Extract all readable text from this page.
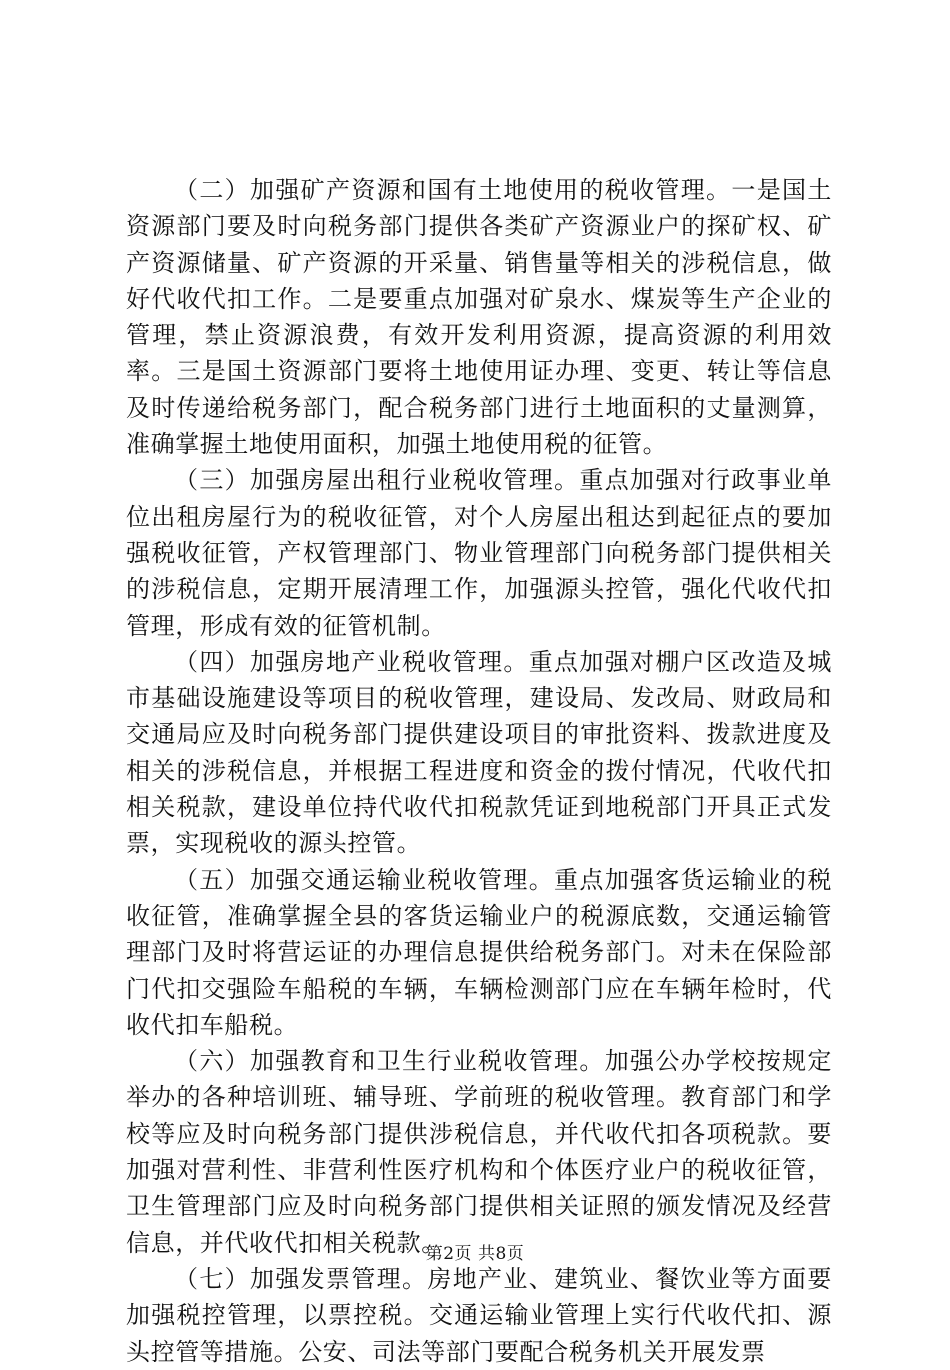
（二）加强矿产资源和国有土地使用的税收管理。一是国土资源部门要及时向税务部门提供各类矿产资源业户的探矿权、矿产资源储量、矿产资源的开采量、销售量等相关的涉税信息，做好代收代扣工作。二是要重点加强对矿泉水、煤炭等生产企业的管理，禁止资源浪费，有效开发利用资源，提高资源的利用效率。三是国土资源部门要将土地使用证办理、变更、转让等信息及时传递给税务部门，配合税务部门进行土地面积的丈量测算，准确掌握土地使用面积，加强土地使用税的征管。

（三）加强房屋出租行业税收管理。重点加强对行政事业单位出租房屋行为的税收征管，对个人房屋出租达到起征点的要加强税收征管，产权管理部门、物业管理部门向税务部门提供相关的涉税信息，定期开展清理工作，加强源头控管，强化代收代扣管理，形成有效的征管机制。

（四）加强房地产业税收管理。重点加强对棚户区改造及城市基础设施建设等项目的税收管理，建设局、发改局、财政局和交通局应及时向税务部门提供建设项目的审批资料、拨款进度及相关的涉税信息，并根据工程进度和资金的拨付情况，代收代扣相关税款，建设单位持代收代扣税款凭证到地税部门开具正式发票，实现税收的源头控管。

（五）加强交通运输业税收管理。重点加强客货运输业的税收征管，准确掌握全县的客货运输业户的税源底数，交通运输管理部门及时将营运证的办理信息提供给税务部门。对未在保险部门代扣交强险车船税的车辆，车辆检测部门应在车辆年检时，代收代扣车船税。

（六）加强教育和卫生行业税收管理。加强公办学校按规定举办的各种培训班、辅导班、学前班的税收管理。教育部门和学校等应及时向税务部门提供涉税信息，并代收代扣各项税款。要加强对营利性、非营利性医疗机构和个体医疗业户的税收征管，卫生管理部门应及时向税务部门提供相关证照的颁发情况及经营信息，并代收代扣相关税款。

（七）加强发票管理。房地产业、建筑业、餐饮业等方面要加强税控管理，以票控税。交通运输业管理上实行代收代扣、源头控管等措施。公安、司法等部门要配合税务机关开展发票

第2页 共8页
